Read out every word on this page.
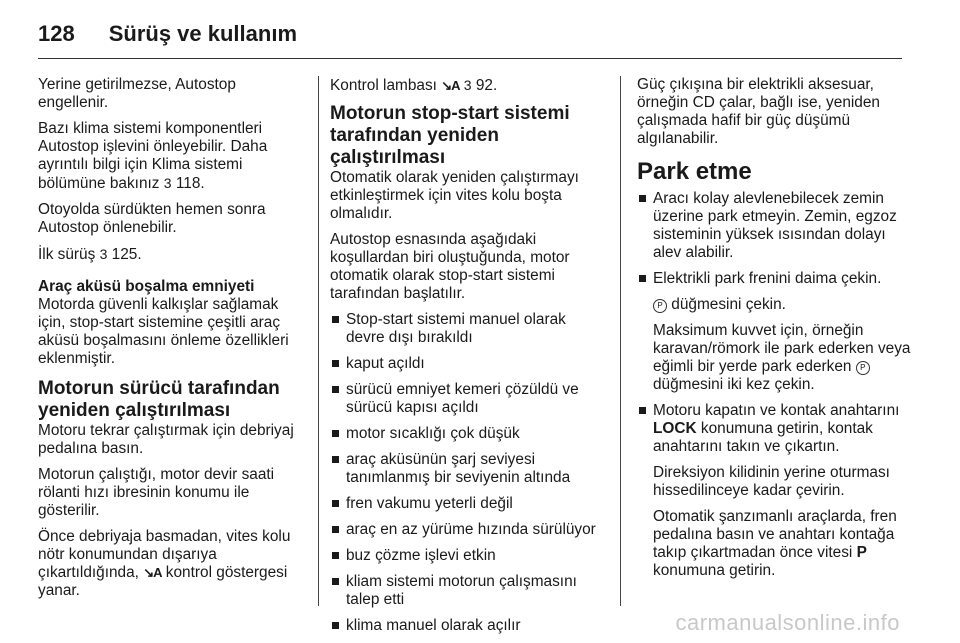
128 Sürüş ve kullanım

Yerine getirilmezse, Autostop engellenir.

Bazı klima sistemi komponentleri Autostop işlevini önleyebilir. Daha ayrıntılı bilgi için Klima sistemi bölümüne bakınız 3 118.

Otoyolda sürdükten hemen sonra Autostop önlenebilir.

İlk sürüş 3 125.

Araç aküsü boşalma emniyeti

Motorda güvenli kalkışlar sağlamak için, stop-start sistemine çeşitli araç aküsü boşalmasını önleme özellikleri eklenmiştir.

Motorun sürücü tarafından yeniden çalıştırılması

Motoru tekrar çalıştırmak için debriyaj pedalına basın.

Motorun çalıştığı, motor devir saati rölanti hızı ibresinin konumu ile gösterilir.

Önce debriyaja basmadan, vites kolu nötr konumundan dışarıya çıkartıldığında, ↘A kontrol göstergesi yanar.

Kontrol lambası ↘A 3 92.

Motorun stop-start sistemi tarafından yeniden çalıştırılması

Otomatik olarak yeniden çalıştırmayı etkinleştirmek için vites kolu boşta olmalıdır.

Autostop esnasında aşağıdaki koşullardan biri oluştuğunda, motor otomatik olarak stop-start sistemi tarafından başlatılır.

Stop-start sistemi manuel olarak devre dışı bırakıldı
kaput açıldı
sürücü emniyet kemeri çözüldü ve sürücü kapısı açıldı
motor sıcaklığı çok düşük
araç aküsünün şarj seviyesi tanımlanmış bir seviyenin altında
fren vakumu yeterli değil
araç en az yürüme hızında sürülüyor
buz çözme işlevi etkin
kliam sistemi motorun çalışmasını talep etti
klima manuel olarak açılır

Güç çıkışına bir elektrikli aksesuar, örneğin CD çalar, bağlı ise, yeniden çalışmada hafif bir güç düşümü algılanabilir.

Park etme
Aracı kolay alevlenebilecek zemin üzerine park etmeyin. Zemin, egzoz sisteminin yüksek ısısından dolayı alev alabilir.
Elektrikli park frenini daima çekin.
P düğmesini çekin.
Maksimum kuvvet için, örneğin karavan/römork ile park ederken veya eğimli bir yerde park ederken P düğmesini iki kez çekin.
Motoru kapatın ve kontak anahtarını LOCK konumuna getirin, kontak anahtarını takın ve çıkartın.
Direksiyon kilidinin yerine oturması hissedilinceye kadar çevirin.
Otomatik şanzımanlı araçlarda, fren pedalına basın ve anahtarı kontağa takıp çıkartmadan önce vitesi P konumuna getirin.
carmanualsonline.info
